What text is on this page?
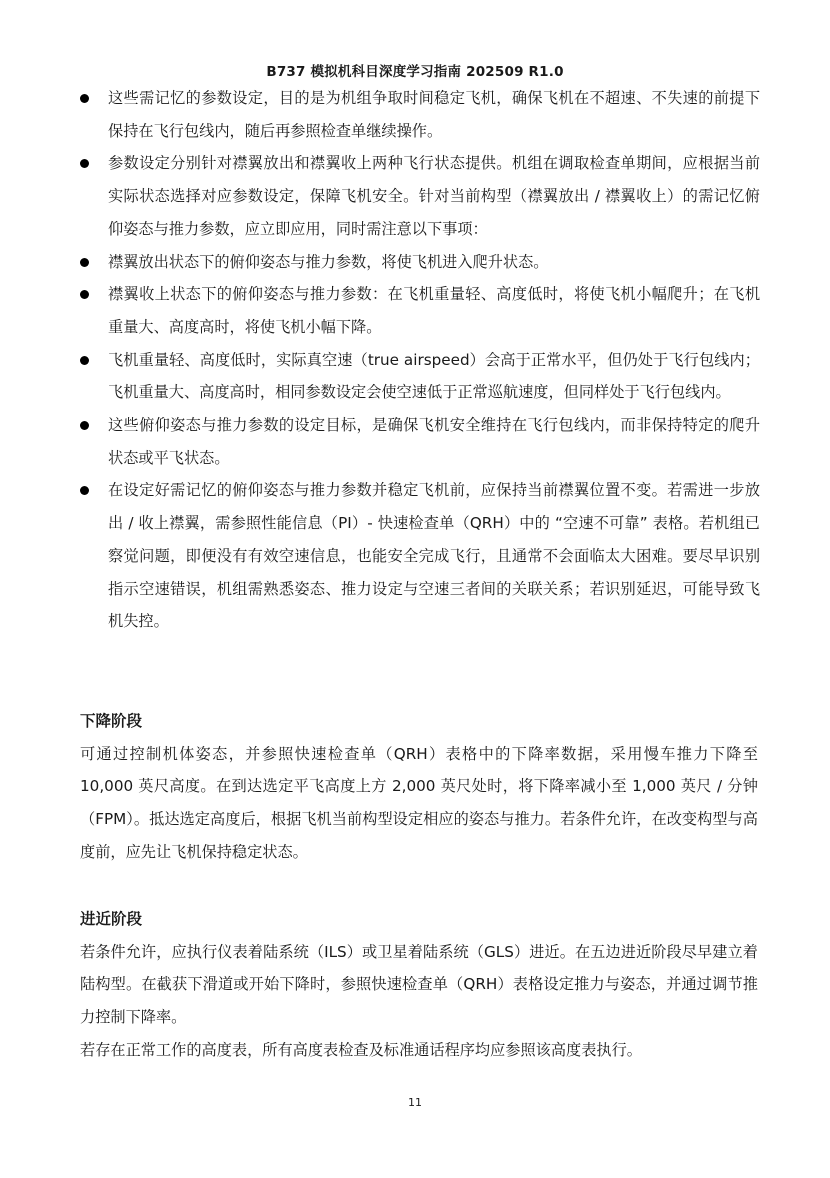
B737 模拟机科目深度学习指南 202509 R1.0
这些需记忆的参数设定，目的是为机组争取时间稳定飞机，确保飞机在不超速、不失速的前提下保持在飞行包线内，随后再参照检查单继续操作。
参数设定分别针对襟翼放出和襟翼收上两种飞行状态提供。机组在调取检查单期间，应根据当前实际状态选择对应参数设定，保障飞机安全。针对当前构型（襟翼放出 / 襟翼收上）的需记忆俯仰姿态与推力参数，应立即应用，同时需注意以下事项：
襟翼放出状态下的俯仰姿态与推力参数，将使飞机进入爬升状态。
襟翼收上状态下的俯仰姿态与推力参数：在飞机重量轻、高度低时，将使飞机小幅爬升；在飞机重量大、高度高时，将使飞机小幅下降。
飞机重量轻、高度低时，实际真空速（true airspeed）会高于正常水平，但仍处于飞行包线内；飞机重量大、高度高时，相同参数设定会使空速低于正常巡航速度，但同样处于飞行包线内。
这些俯仰姿态与推力参数的设定目标，是确保飞机安全维持在飞行包线内，而非保持特定的爬升状态或平飞状态。
在设定好需记忆的俯仰姿态与推力参数并稳定飞机前，应保持当前襟翼位置不变。若需进一步放出 / 收上襟翼，需参照性能信息（PI）- 快速检查单（QRH）中的 “空速不可靠” 表格。若机组已察觉问题，即便没有有效空速信息，也能安全完成飞行，且通常不会面临太大困难。要尽早识别指示空速错误，机组需熟悉姿态、推力设定与空速三者间的关联关系；若识别延迟，可能导致飞机失控。
下降阶段

可通过控制机体姿态，并参照快速检查单（QRH）表格中的下降率数据，采用慢车推力下降至 10,000 英尺高度。在到达选定平飞高度上方 2,000 英尺处时，将下降率减小至 1,000 英尺 / 分钟（FPM）。抵达选定高度后，根据飞机当前构型设定相应的姿态与推力。若条件允许，在改变构型与高度前，应先让飞机保持稳定状态。

进近阶段

若条件允许，应执行仪表着陆系统（ILS）或卫星着陆系统（GLS）进近。在五边进近阶段尽早建立着陆构型。在截获下滑道或开始下降时，参照快速检查单（QRH）表格设定推力与姿态，并通过调节推力控制下降率。

若存在正常工作的高度表，所有高度表检查及标准通话程序均应参照该高度表执行。

11
